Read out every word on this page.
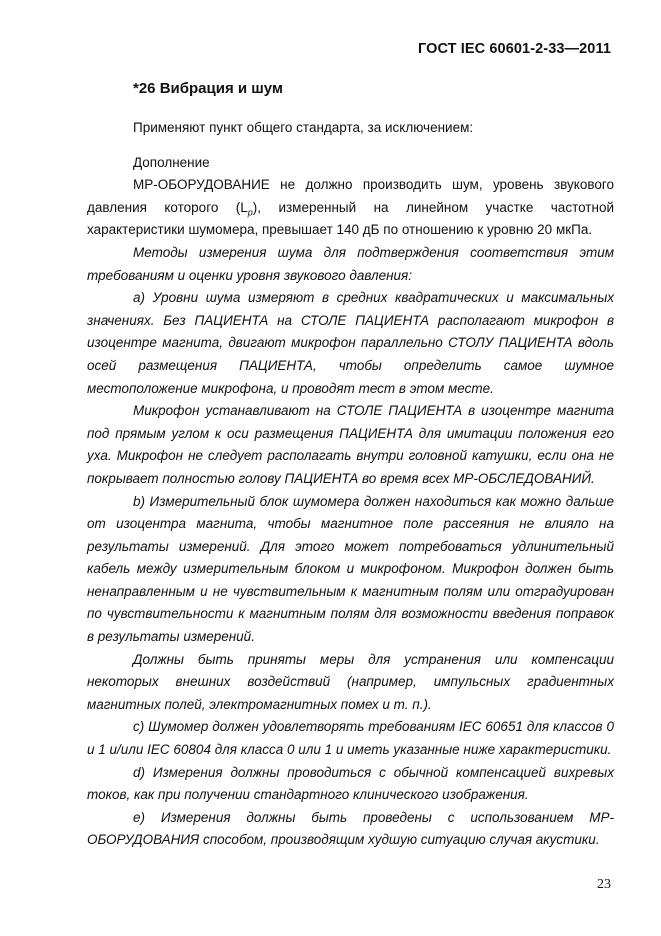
ГОСТ IEC 60601-2-33—2011
*26 Вибрация и шум

Применяют пункт общего стандарта, за исключением:

Дополнение

МР-ОБОРУДОВАНИЕ не должно производить шум, уровень звукового давления которого $(L_p)$, измеренный на линейном участке частотной характеристики шумомера, превышает 140 дБ по отношению к уровню 20 мкПа.

Методы измерения шума для подтверждения соответствия этим требованиям и оценки уровня звукового давления:

а) Уровни шума измеряют в средних квадратических и максимальных значениях. Без ПАЦИЕНТА на СТОЛЕ ПАЦИЕНТА располагают микрофон в изоцентре магнита, двигают микрофон параллельно СТОЛУ ПАЦИЕНТА вдоль осей размещения ПАЦИЕНТА, чтобы определить самое шумное местоположение микрофона, и проводят тест в этом месте.

Микрофон устанавливают на СТОЛЕ ПАЦИЕНТА в изоцентре магнита под прямым углом к оси размещения ПАЦИЕНТА для имитации положения его уха. Микрофон не следует располагать внутри головной катушки, если она не покрывает полностью голову ПАЦИЕНТА во время всех МР-ОБСЛЕДОВАНИЙ.

b) Измерительный блок шумомера должен находиться как можно дальше от изоцентра магнита, чтобы магнитное поле рассеяния не влияло на результаты измерений. Для этого может потребоваться удлинительный кабель между измерительным блоком и микрофоном. Микрофон должен быть ненаправленным и не чувствительным к магнитным полям или отградуирован по чувствительности к магнитным полям для возможности введения поправок в результаты измерений.

Должны быть приняты меры для устранения или компенсации некоторых внешних воздействий (например, импульсных градиентных магнитных полей, электромагнитных помех и т. п.).

c) Шумомер должен удовлетворять требованиям IEC 60651 для классов 0 и 1 и/или IEC 60804 для класса 0 или 1 и иметь указанные ниже характеристики.

d) Измерения должны проводиться с обычной компенсацией вихревых токов, как при получении стандартного клинического изображения.

е) Измерения должны быть проведены с использованием МР-ОБОРУДОВАНИЯ способом, производящим худшую ситуацию случая акустики.

23
